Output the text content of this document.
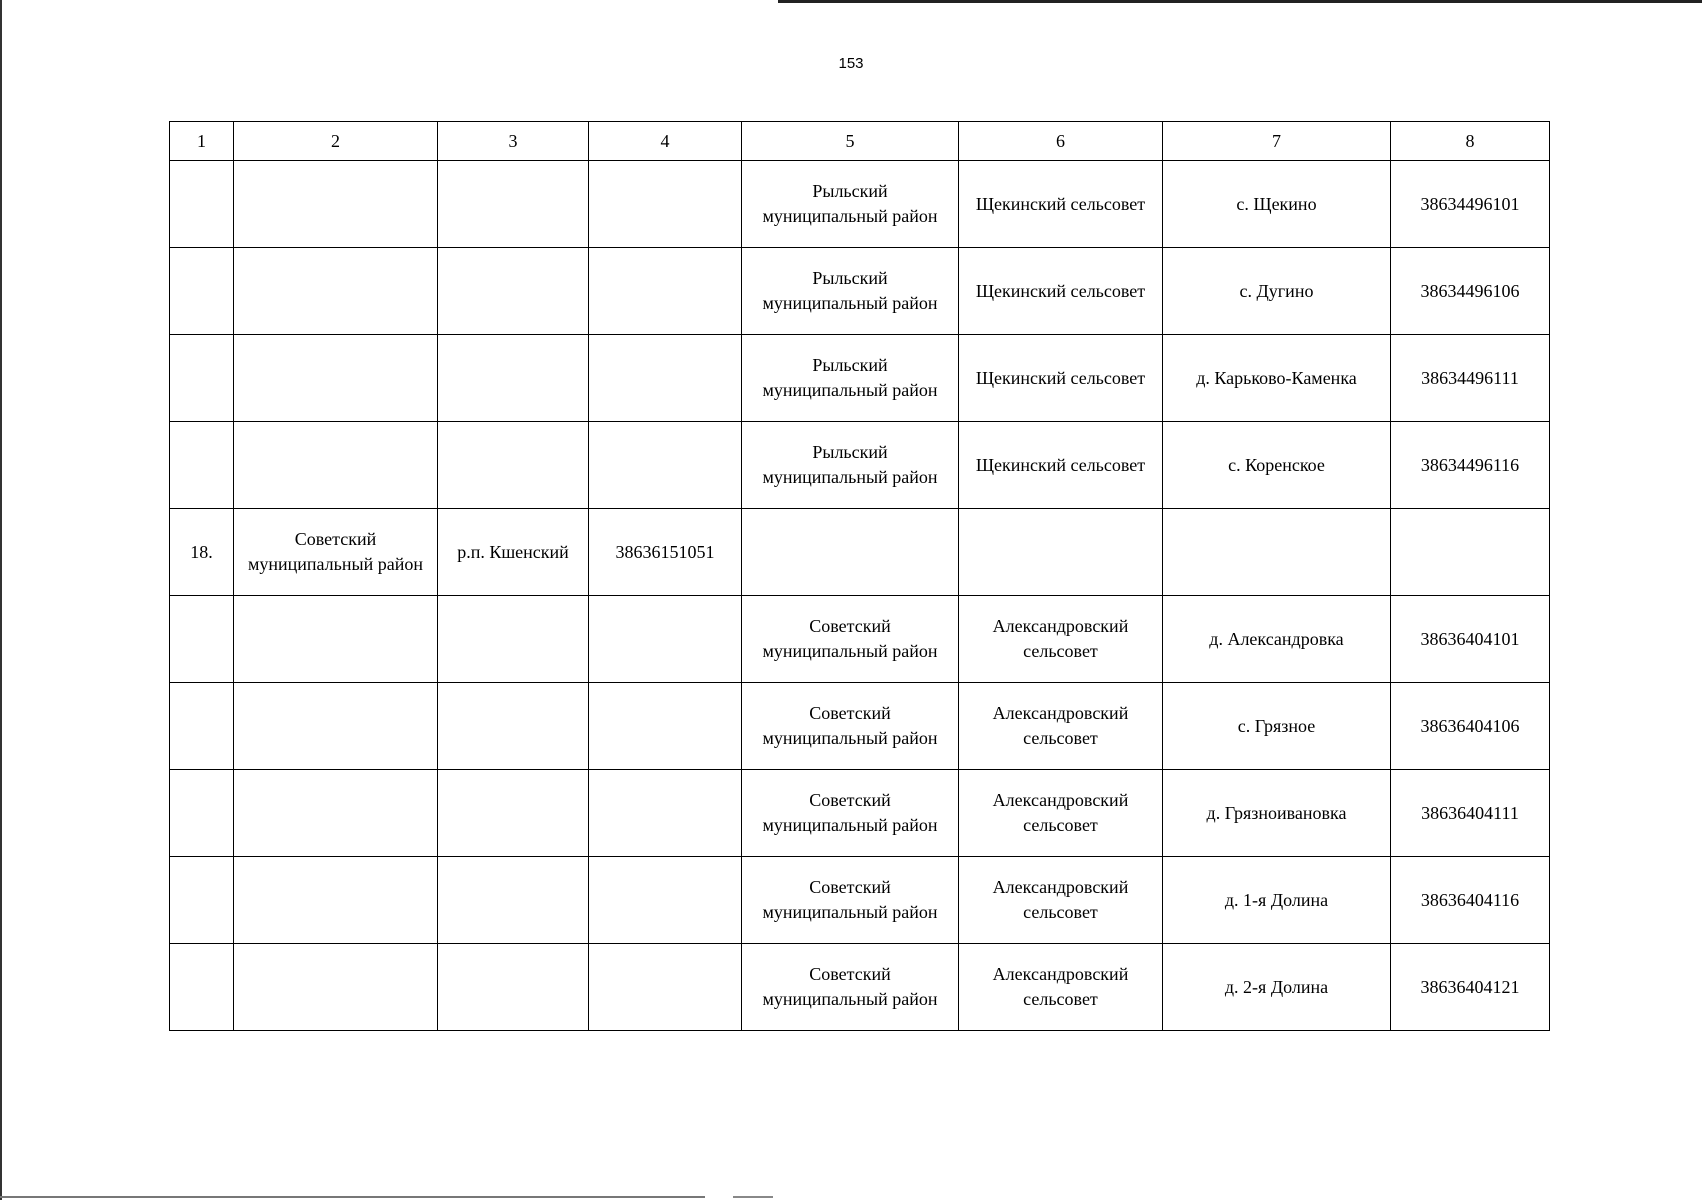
153
1	2	3	4	5	6	7	8
				Рыльский муниципальный район	Щекинский сельсовет	с. Щекино	38634496101
				Рыльский муниципальный район	Щекинский сельсовет	с. Дугино	38634496106
				Рыльский муниципальный район	Щекинский сельсовет	д. Карьково-Каменка	38634496111
				Рыльский муниципальный район	Щекинский сельсовет	с. Коренское	38634496116
18.	Советский муниципальный район	р.п. Кшенский	38636151051				
				Советский муниципальный район	Александровский сельсовет	д. Александровка	38636404101
				Советский муниципальный район	Александровский сельсовет	с. Грязное	38636404106
				Советский муниципальный район	Александровский сельсовет	д. Грязноивановка	38636404111
				Советский муниципальный район	Александровский сельсовет	д. 1-я Долина	38636404116
				Советский муниципальный район	Александровский сельсовет	д. 2-я Долина	38636404121
